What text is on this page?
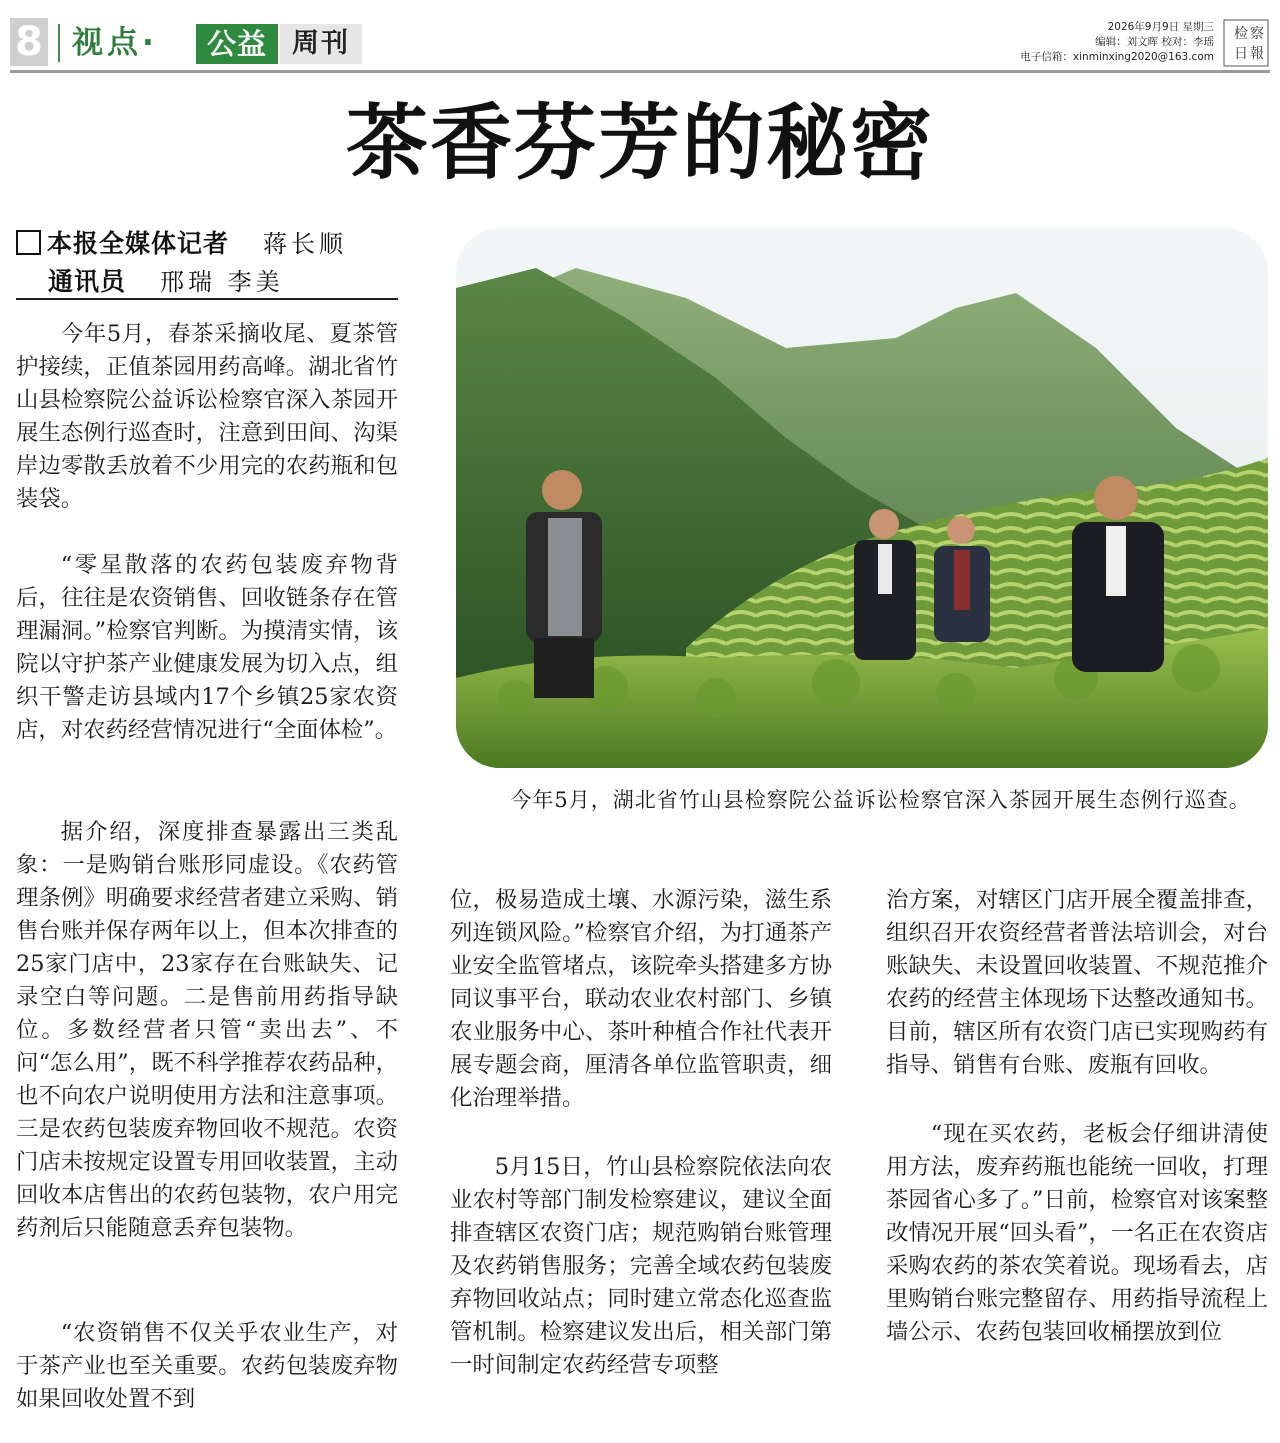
8 视点·	公益 周刊
2026年9月9日 星期三
编辑：刘文晖 校对：李瑶
电子信箱：xinminxing2020@163.com
检 察
日 報
茶香芬芳的秘密
本报全媒体记者 蒋长顺
通讯员 邢瑞 李美

今年5月，春茶采摘收尾、夏茶管护接续，正值茶园用药高峰。湖北省竹山县检察院公益诉讼检察官深入茶园开展生态例行巡查时，注意到田间、沟渠岸边零散丢放着不少用完的农药瓶和包装袋。

“零星散落的农药包装废弃物背后，往往是农资销售、回收链条存在管理漏洞。”检察官判断。为摸清实情，该院以守护茶产业健康发展为切入点，组织干警走访县域内17个乡镇25家农资店，对农药经营情况进行“全面体检”。

据介绍，深度排查暴露出三类乱象：一是购销台账形同虚设。《农药管理条例》明确要求经营者建立采购、销售台账并保存两年以上，但本次排查的25家门店中，23家存在台账缺失、记录空白等问题。二是售前用药指导缺位。多数经营者只管“卖出去”、不问“怎么用”，既不科学推荐农药品种，也不向农户说明使用方法和注意事项。三是农药包装废弃物回收不规范。农资门店未按规定设置专用回收装置，主动回收本店售出的农药包装物，农户用完药剂后只能随意丢弃包装物。

“农资销售不仅关乎农业生产，对于茶产业也至关重要。农药包装废弃物如果回收处置不到

今年5月，湖北省竹山县检察院公益诉讼检察官深入茶园开展生态例行巡查。

位，极易造成土壤、水源污染，滋生系列连锁风险。”检察官介绍，为打通茶产业安全监管堵点，该院牵头搭建多方协同议事平台，联动农业农村部门、乡镇农业服务中心、茶叶种植合作社代表开展专题会商，厘清各单位监管职责，细化治理举措。

5月15日，竹山县检察院依法向农业农村等部门制发检察建议，建议全面排查辖区农资门店；规范购销台账管理及农药销售服务；完善全域农药包装废弃物回收站点；同时建立常态化巡查监管机制。检察建议发出后，相关部门第一时间制定农药经营专项整

治方案，对辖区门店开展全覆盖排查，组织召开农资经营者普法培训会，对台账缺失、未设置回收装置、不规范推介农药的经营主体现场下达整改通知书。目前，辖区所有农资门店已实现购药有指导、销售有台账、废瓶有回收。

“现在买农药，老板会仔细讲清使用方法，废弃药瓶也能统一回收，打理茶园省心多了。”日前，检察官对该案整改情况开展“回头看”，一名正在农资店采购农药的茶农笑着说。现场看去，店里购销台账完整留存、用药指导流程上墙公示、农药包装回收桶摆放到位
